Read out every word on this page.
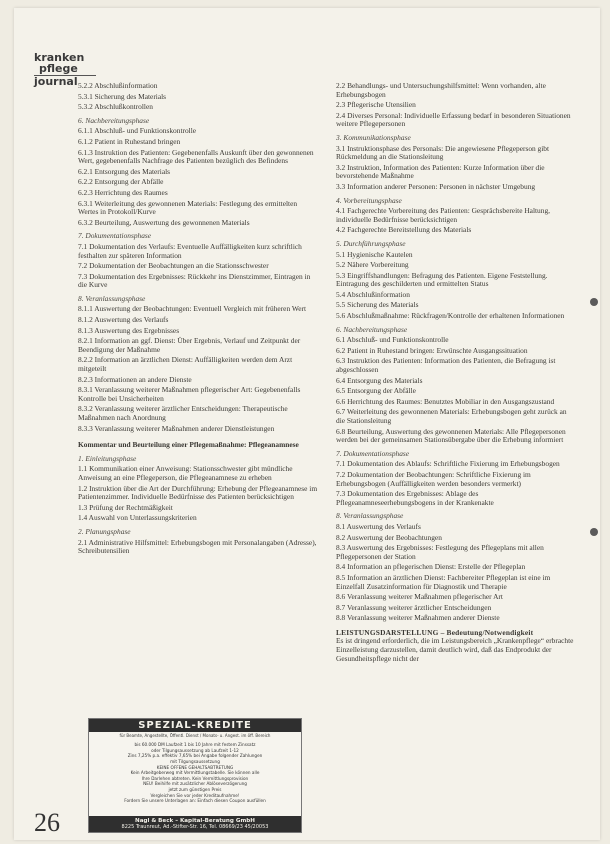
kranken
pflege
journal
26
5.2.2 Abschlußinformation
5.3.1 Sicherung des Materials
5.3.2 Abschlußkontrollen
6. Nachbereitungsphase
6.1.1 Abschluß- und Funktionskontrolle
6.1.2 Patient in Ruhestand bringen
6.1.3 Instruktion des Patienten: Gegebenenfalls Auskunft über den gewonnenen Wert, gegebenenfalls Nachfrage des Patienten bezüglich des Befindens
6.2.1 Entsorgung des Materials
6.2.2 Entsorgung der Abfälle
6.2.3 Herrichtung des Raumes
6.3.1 Weiterleitung des gewonnenen Materials: Festlegung des ermittelten Wertes in Protokoll/Kurve
6.3.2 Beurteilung, Auswertung des gewonnenen Materials
7. Dokumentationsphase
7.1 Dokumentation des Verlaufs: Eventuelle Auffälligkeiten kurz schriftlich festhalten zur späteren Information
7.2 Dokumentation der Beobachtungen an die Stationsschwester
7.3 Dokumentation des Ergebnisses: Rückkehr ins Dienstzimmer, Eintragen in die Kurve
8. Veranlassungsphase
8.1.1 Auswertung der Beobachtungen: Eventuell Vergleich mit früheren Wert
8.1.2 Auswertung des Verlaufs
8.1.3 Auswertung des Ergebnisses
8.2.1 Information an ggf. Dienst: Über Ergebnis, Verlauf und Zeitpunkt der Beendigung der Maßnahme
8.2.2 Information an ärztlichen Dienst: Auffälligkeiten werden dem Arzt mitgeteilt
8.2.3 Informationen an andere Dienste
8.3.1 Veranlassung weiterer Maßnahmen pflegerischer Art: Gegebenenfalls Kontrolle bei Unsicherheiten
8.3.2 Veranlassung weiterer ärztlicher Entscheidungen: Therapeutische Maßnahmen nach Anordnung
8.3.3 Veranlassung weiterer Maßnahmen anderer Dienstleistungen
Kommentar und Beurteilung einer Pflegemaßnahme: Pflegeanamnese
1. Einleitungsphase
1.1 Kommunikation einer Anweisung: Stationsschwester gibt mündliche Anweisung an eine Pflegeperson, die Pflegeanamnese zu erheben
1.2 Instruktion über die Art der Durchführung: Erhebung der Pflegeanamnese im Patientenzimmer. Individuelle Bedürfnisse des Patienten berücksichtigen
1.3 Prüfung der Rechtmäßigkeit
1.4 Auswahl von Unterlassungskriterien
2. Planungsphase
2.1 Administrative Hilfsmittel: Erhebungsbogen mit Personalangaben (Adresse), Schreibutensilien
2.2 Behandlungs- und Untersuchungshilfsmittel: Wenn vorhanden, alte Erhebungsbogen
2.3 Pflegerische Utensilien
2.4 Diverses Personal: Individuelle Erfassung bedarf in besonderen Situationen weitere Pflegepersonen
3. Kommunikationsphase
3.1 Instruktionsphase des Personals: Die angewiesene Pflegeperson gibt Rückmeldung an die Stationsleitung
3.2 Instruktion, Information des Patienten: Kurze Information über die bevorstehende Maßnahme
3.3 Information anderer Personen: Personen in nächster Umgebung
4. Vorbereitungsphase
4.1 Fachgerechte Vorbereitung des Patienten: Gesprächsbereite Haltung, individuelle Bedürfnisse berücksichtigen
4.2 Fachgerechte Bereitstellung des Materials
5. Durchführungsphase
5.1 Hygienische Kautelen
5.2 Nähere Vorbereitung
5.3 Eingriffshandlungen: Befragung des Patienten. Eigene Feststellung. Eintragung des geschilderten und ermittelten Status
5.4 Abschlußinformation
5.5 Sicherung des Materials
5.6 Abschlußmaßnahme: Rückfragen/Kontrolle der erhaltenen Informationen
6. Nachbereitungsphase
6.1 Abschluß- und Funktionskontrolle
6.2 Patient in Ruhestand bringen: Erwünschte Ausgangssituation
6.3 Instruktion des Patienten: Information des Patienten, die Befragung ist abgeschlossen
6.4 Entsorgung des Materials
6.5 Entsorgung der Abfälle
6.6 Herrichtung des Raumes: Benutztes Mobiliar in den Ausgangszustand
6.7 Weiterleitung des gewonnenen Materials: Erhebungsbogen geht zurück an die Stationsleitung
6.8 Beurteilung, Auswertung des gewonnenen Materials: Alle Pflegepersonen werden bei der gemeinsamen Stationsübergabe über die Erhebung informiert
7. Dokumentationsphase
7.1 Dokumentation des Ablaufs: Schriftliche Fixierung im Erhebungsbogen
7.2 Dokumentation der Beobachtungen: Schriftliche Fixierung im Erhebungsbogen (Auffälligkeiten werden besonders vermerkt)
7.3 Dokumentation des Ergebnisses: Ablage des Pflegeanamneseerhebungsbogens in der Krankenakte
8. Veranlassungsphase
8.1 Auswertung des Verlaufs
8.2 Auswertung der Beobachtungen
8.3 Auswertung des Ergebnisses: Festlegung des Pflegeplans mit allen Pflegepersonen der Station
8.4 Information an pflegerischen Dienst: Erstelle der Pflegeplan
8.5 Information an ärztlichen Dienst: Fachbereiter Pflegeplan ist eine im Einzelfall Zusatzinformation für Diagnostik und Therapie
8.6 Veranlassung weiterer Maßnahmen pflegerischer Art
8.7 Veranlassung weiterer ärztlicher Entscheidungen
8.8 Veranlassung weiterer Maßnahmen anderer Dienste
LEISTUNGSDARSTELLUNG – Bedeutung/Notwendigkeit
Es ist dringend erforderlich, die im Leistungsbereich „Krankenpflege“ erbrachte Einzelleistung darzustellen, damit deutlich wird, daß das Endprodukt der Gesundheitspflege nicht der
SPEZIAL-KREDITE
für Beamte, Angestellte, Öffentl. Dienst / Monats- u. Angest. im öff. Bereich
bis 60.000 DM Laufzeit 1 bis 10 Jahre mit festem Zinssatz
oder Tilgungsaussetzung ab Laufzeit 1-12
Zins 7,25% p.a. effektiv 7,65% bei Angabe folgender Zahlungen
mit Tilgungsaussetzung
KEINE OFFENE GEHALTSABTRETUNG
Kein Arbeitgeberweg mit Vermittlungstabelle. Sie können alle
Ihre Darlehen abtreten. Kein Vermittlungsprovision
NEU! Beihilfe mit zusätzlicher Ablöseverzögerung
jetzt zum günstigen Preis
Vergleichen Sie vor jeder Kreditaufnahme!
Fordern Sie unsere Unterlagen an: Einfach diesen Coupon ausfüllen
Nagl & Beck – Kapital-Beratung GmbH
8225 Traunreut, Ad.-Stifter-Str. 16, Tel. 08669/23 45/20053
